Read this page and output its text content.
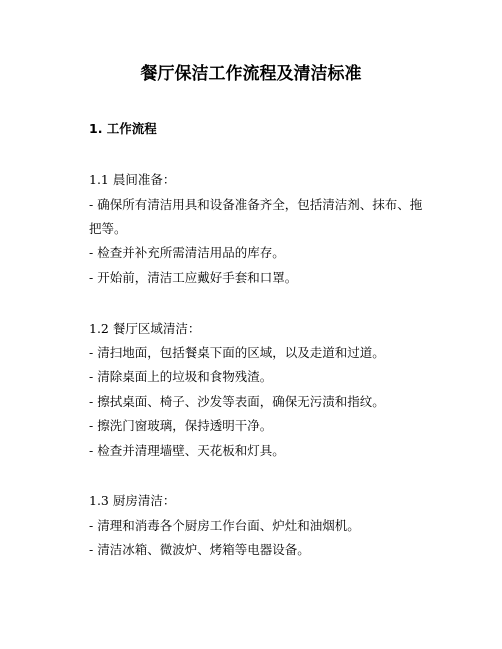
餐厅保洁工作流程及清洁标准
1. 工作流程
1.1 晨间准备：
- 确保所有清洁用具和设备准备齐全，包括清洁剂、抹布、拖
把等。
- 检查并补充所需清洁用品的库存。
- 开始前，清洁工应戴好手套和口罩。
1.2 餐厅区域清洁：
- 清扫地面，包括餐桌下面的区域，以及走道和过道。
- 清除桌面上的垃圾和食物残渣。
- 擦拭桌面、椅子、沙发等表面，确保无污渍和指纹。
- 擦洗门窗玻璃，保持透明干净。
- 检查并清理墙壁、天花板和灯具。
1.3 厨房清洁：
- 清理和消毒各个厨房工作台面、炉灶和油烟机。
- 清洁冰箱、微波炉、烤箱等电器设备。
